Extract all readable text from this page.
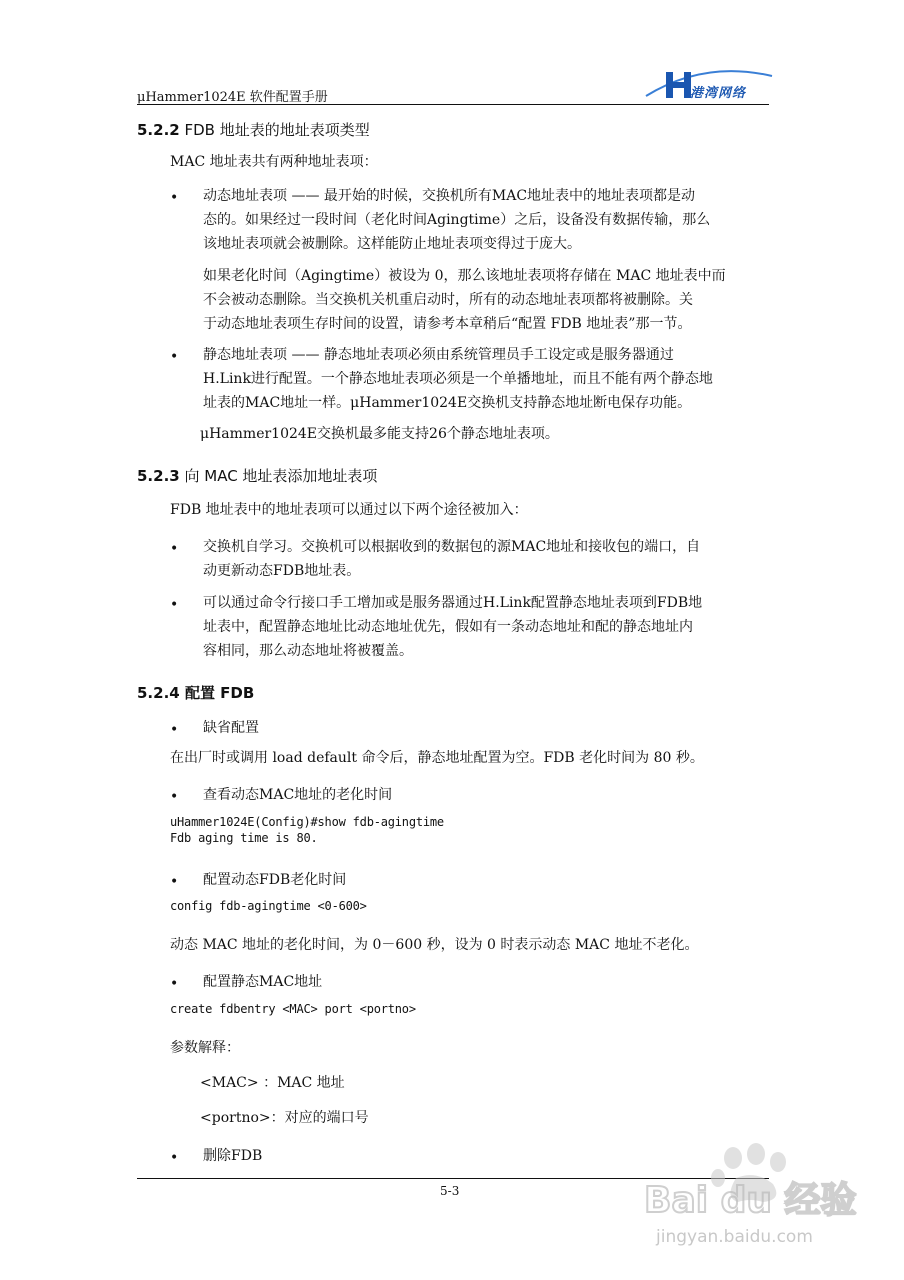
μHammer1024E 软件配置手册	港湾网络
5.2.2 FDB 地址表的地址表项类型
MAC 地址表共有两种地址表项：
• 动态地址表项 —— 最开始的时候，交换机所有MAC地址表中的地址表项都是动
态的。如果经过一段时间（老化时间Agingtime）之后，设备没有数据传输，那么
该地址表项就会被删除。这样能防止地址表项变得过于庞大。
如果老化时间（Agingtime）被设为 0，那么该地址表项将存储在 MAC 地址表中而
不会被动态删除。当交换机关机重启动时，所有的动态地址表项都将被删除。关
于动态地址表项生存时间的设置，请参考本章稍后“配置 FDB 地址表”那一节。
• 静态地址表项 —— 静态地址表项必须由系统管理员手工设定或是服务器通过
H.Link进行配置。一个静态地址表项必须是一个单播地址，而且不能有两个静态地
址表的MAC地址一样。μHammer1024E交换机支持静态地址断电保存功能。
μHammer1024E交换机最多能支持26个静态地址表项。
5.2.3 向 MAC 地址表添加地址表项
FDB 地址表中的地址表项可以通过以下两个途径被加入：
• 交换机自学习。交换机可以根据收到的数据包的源MAC地址和接收包的端口，自
动更新动态FDB地址表。
• 可以通过命令行接口手工增加或是服务器通过H.Link配置静态地址表项到FDB地
址表中，配置静态地址比动态地址优先，假如有一条动态地址和配的静态地址内
容相同，那么动态地址将被覆盖。
5.2.4 配置 FDB
• 缺省配置
在出厂时或调用 load default 命令后，静态地址配置为空。FDB 老化时间为 80 秒。
• 查看动态MAC地址的老化时间
uHammer1024E(Config)#show fdb-agingtime
Fdb aging time is 80.
• 配置动态FDB老化时间
config fdb-agingtime <0-600>
动态 MAC 地址的老化时间，为 0－600 秒，设为 0 时表示动态 MAC 地址不老化。
• 配置静态MAC地址
create fdbentry <MAC> port <portno>
参数解释：
<MAC> ：MAC 地址
<portno>：对应的端口号
• 删除FDB
5-3	Bai du 经验
jingyan.baidu.com
